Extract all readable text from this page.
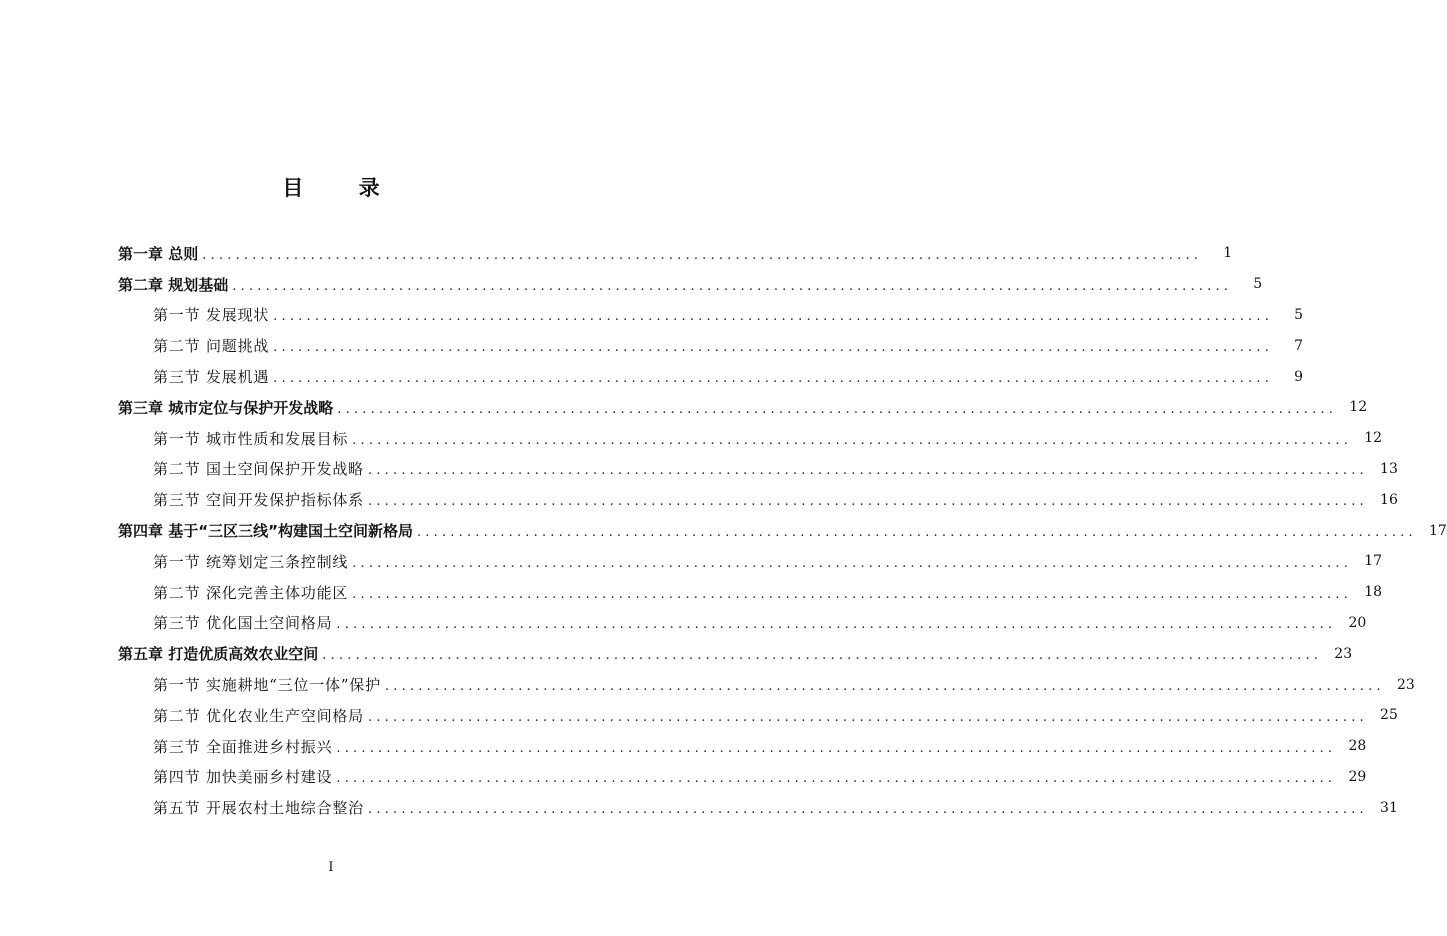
目 录
第一章 总则 ........................................................................................................................	1
第二章 规划基础 ........................................................................................................................	5
第一节 发展现状 ........................................................................................................................	5
第二节 问题挑战 ........................................................................................................................	7
第三节 发展机遇 ........................................................................................................................	9
第三章 城市定位与保护开发战略 ........................................................................................................................ 12
第一节 城市性质和发展目标 ........................................................................................................................ 12
第二节 国土空间保护开发战略 ........................................................................................................................ 13
第三节 空间开发保护指标体系 ........................................................................................................................ 16
第四章 基于“三区三线”构建国土空间新格局 ........................................................................................................................ 17
第一节 统筹划定三条控制线 ........................................................................................................................ 17
第二节 深化完善主体功能区 ........................................................................................................................ 18
第三节 优化国土空间格局 ........................................................................................................................ 20
第五章 打造优质高效农业空间 ........................................................................................................................ 23
第一节 实施耕地“三位一体”保护 ........................................................................................................................ 23
第二节 优化农业生产空间格局 ........................................................................................................................ 25
第三节 全面推进乡村振兴 ........................................................................................................................ 28
第四节 加快美丽乡村建设 ........................................................................................................................ 29
第五节 开展农村土地综合整治 ........................................................................................................................ 31
I
